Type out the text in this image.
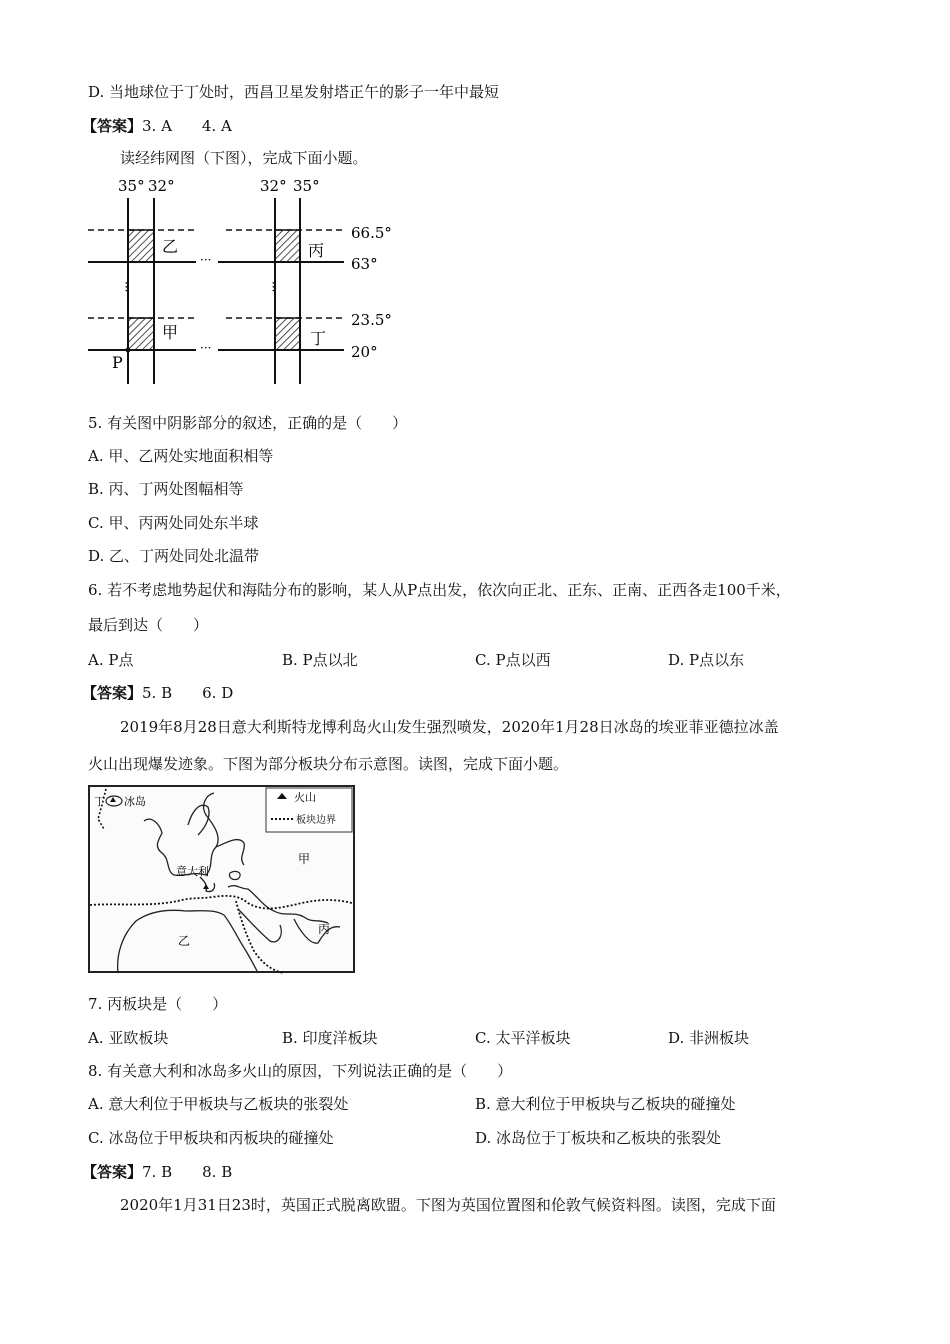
D. 当地球位于丁处时，西昌卫星发射塔正午的影子一年中最短
【答案】3. A　　4. A
读经纬网图（下图），完成下面小题。
35° 32°	32° 35°
···
···
···	···
乙	丙
甲	丁
66.5°
63°
23.5°
20°
P
5. 有关图中阴影部分的叙述，正确的是（　　）
A. 甲、乙两处实地面积相等
B. 丙、丁两处图幅相等
C. 甲、丙两处同处东半球
D. 乙、丁两处同处北温带
6. 若不考虑地势起伏和海陆分布的影响，某人从P点出发，依次向正北、正东、正南、正西各走100千米，
最后到达（　　）
A. P点	B. P点以北	C. P点以西	D. P点以东
【答案】5. B　　6. D
2019年8月28日意大利斯特龙博利岛火山发生强烈喷发，2020年1月28日冰岛的埃亚菲亚德拉冰盖
火山出现爆发迹象。下图为部分板块分布示意图。读图，完成下面小题。
火山
板块边界
丁 冰岛
意大利
甲
乙
丙
7. 丙板块是（　　）
A. 亚欧板块	B. 印度洋板块	C. 太平洋板块	D. 非洲板块
8. 有关意大利和冰岛多火山的原因，下列说法正确的是（　　）
A. 意大利位于甲板块与乙板块的张裂处	B. 意大利位于甲板块与乙板块的碰撞处
C. 冰岛位于甲板块和丙板块的碰撞处	D. 冰岛位于丁板块和乙板块的张裂处
【答案】7. B　　8. B
2020年1月31日23时，英国正式脱离欧盟。下图为英国位置图和伦敦气候资料图。读图，完成下面
